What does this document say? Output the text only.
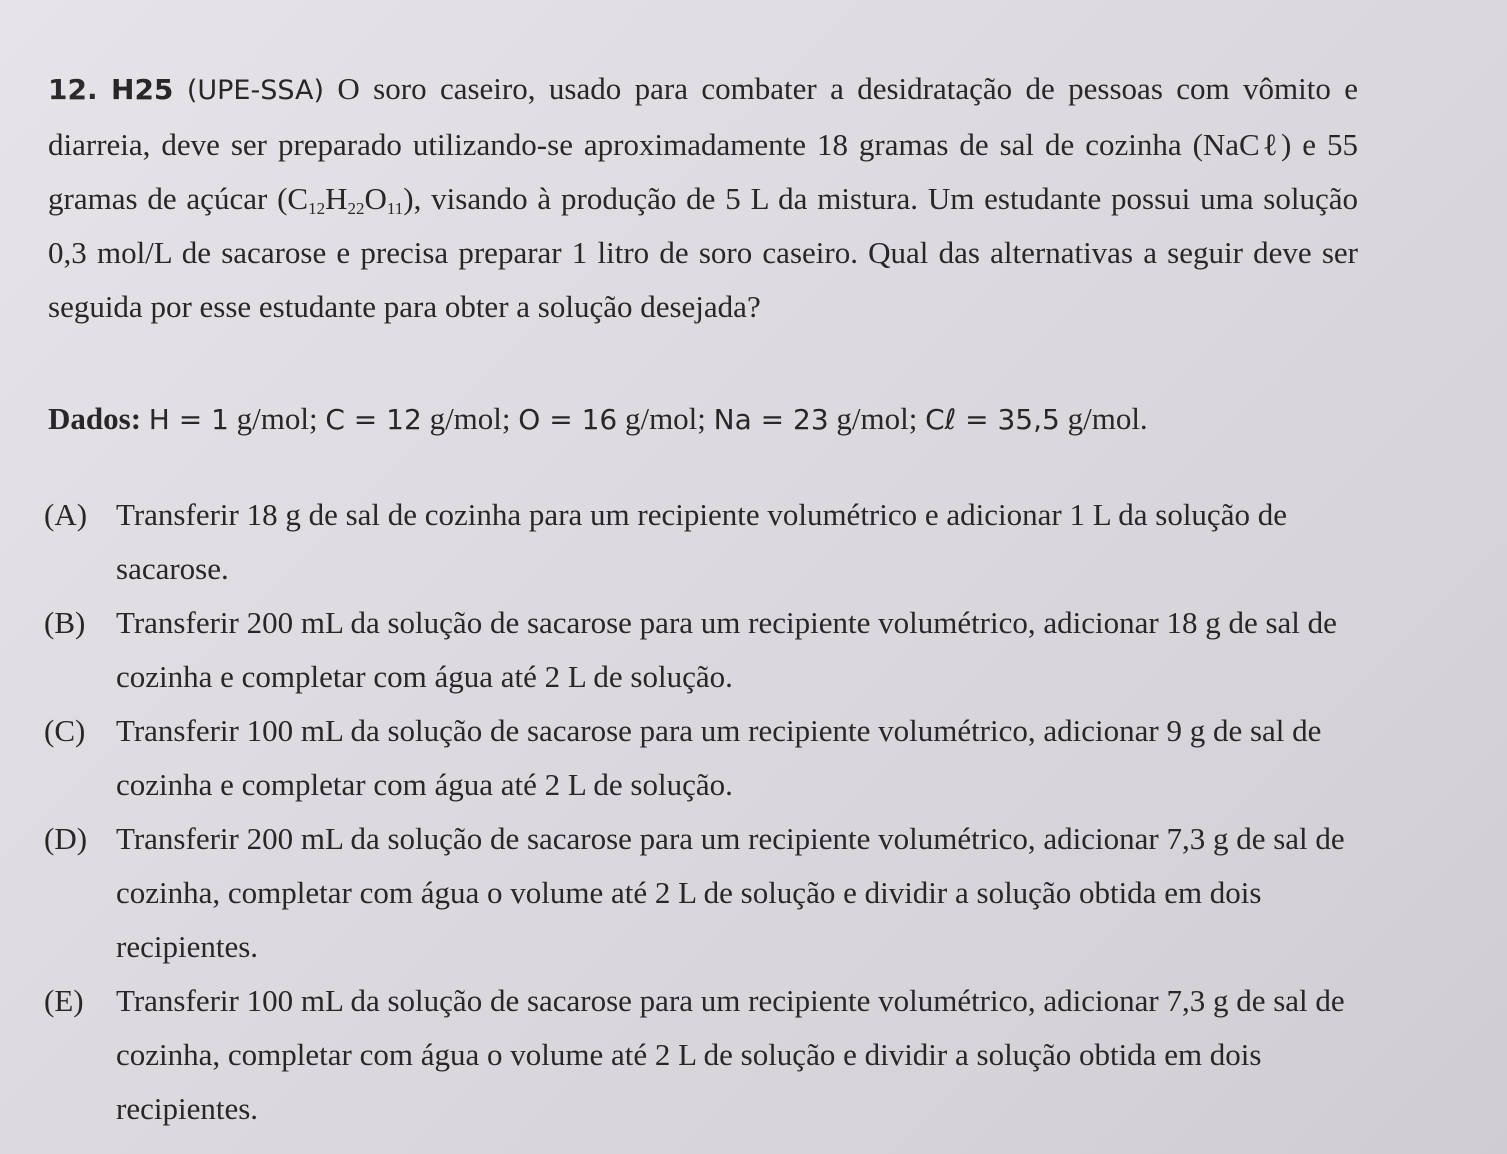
12. H25 (UPE-SSA) O soro caseiro, usado para combater a desidratação de pessoas com vômito e diarreia, deve ser preparado utilizando-se aproximadamente 18 gramas de sal de cozinha (NaCℓ) e 55 gramas de açúcar $(C_{12}H_{22}O_{11})$, visando à produção de 5 L da mistura. Um estudante possui uma solução 0,3 mol/L de sacarose e precisa preparar 1 litro de soro caseiro. Qual das alternativas a seguir deve ser seguida por esse estudante para obter a solução desejada?

Dados: H = 1 g/mol; C = 12 g/mol; O = 16 g/mol; Na = 23 g/mol; Cℓ = 35,5 g/mol.

(A) Transferir 18 g de sal de cozinha para um recipiente volumétrico e adicionar 1 L da solução de sacarose.
(B) Transferir 200 mL da solução de sacarose para um recipiente volumétrico, adicionar 18 g de sal de cozinha e completar com água até 2 L de solução.
(C) Transferir 100 mL da solução de sacarose para um recipiente volumétrico, adicionar 9 g de sal de cozinha e completar com água até 2 L de solução.
(D) Transferir 200 mL da solução de sacarose para um recipiente volumétrico, adicionar 7,3 g de sal de cozinha, completar com água o volume até 2 L de solução e dividir a solução obtida em dois recipientes.
(E) Transferir 100 mL da solução de sacarose para um recipiente volumétrico, adicionar 7,3 g de sal de cozinha, completar com água o volume até 2 L de solução e dividir a solução obtida em dois recipientes.
